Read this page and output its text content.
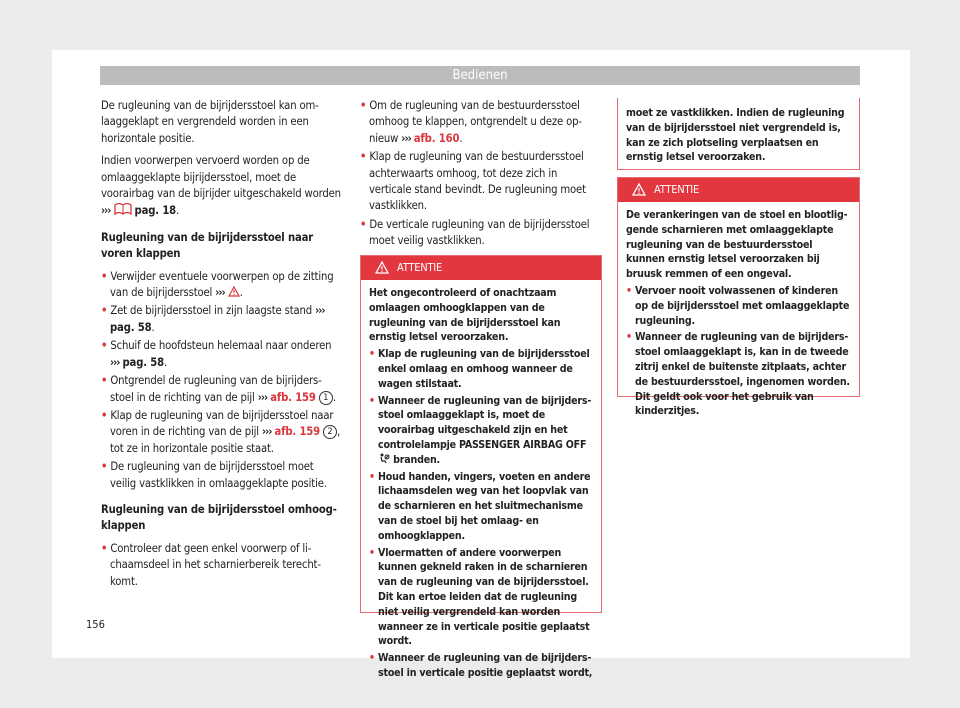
Bedienen

De rugleuning van de bijrijdersstoel kan omlaaggeklapt en vergrendeld worden in een horizontale positie.

Indien voorwerpen vervoerd worden op de omlaaggeklapte bijrijdersstoel, moet de voorairbag van de bijrijder uitgeschakeld worden ››› pag. 18.

Rugleuning van de bijrijdersstoel naar voren klappen

• Verwijder eventuele voorwerpen op de zitting van de bijrijdersstoel ››› .

• Zet de bijrijdersstoel in zijn laagste stand ››› pag. 58.

• Schuif de hoofdsteun helemaal naar onderen ››› pag. 58.

• Ontgrendel de rugleuning van de bijrijdersstoel in de richting van de pijl ››› afb. 159 1 .

• Klap de rugleuning van de bijrijdersstoel naar voren in de richting van de pijl ››› afb. 159 2 , tot ze in horizontale positie staat.

• De rugleuning van de bijrijdersstoel moet veilig vastklikken in omlaaggeklapte positie.

Rugleuning van de bijrijdersstoel omhoogklappen

• Controleer dat geen enkel voorwerp of lichaamsdeel in het scharnierbereik terechtkomt.

• Om de rugleuning van de bestuurdersstoel omhoog te klappen, ontgrendelt u deze opnieuw ››› afb. 160.

• Klap de rugleuning van de bestuurdersstoel achterwaarts omhoog, tot deze zich in verticale stand bevindt. De rugleuning moet vastklikken.

• De verticale rugleuning van de bijrijdersstoel moet veilig vastklikken.

ATTENTIE

Het ongecontroleerd of onachtzaam omlaagen omhoogklappen van de rugleuning van de bijrijdersstoel kan ernstig letsel veroorzaken.

• Klap de rugleuning van de bijrijdersstoel enkel omlaag en omhoog wanneer de wagen stilstaat.

• Wanneer de rugleuning van de bijrijdersstoel omlaaggeklapt is, moet de voorairbag uitgeschakeld zijn en het controlelampje PASSENGER AIRBAG OFF  branden.

• Houd handen, vingers, voeten en andere lichaamsdelen weg van het loopvlak van de scharnieren en het sluitmechanisme van de stoel bij het omlaag- en omhoogklappen.

• Vloermatten of andere voorwerpen kunnen gekneld raken in de scharnieren van de rugleuning van de bijrijdersstoel. Dit kan ertoe leiden dat de rugleuning niet veilig vergrendeld kan worden wanneer ze in verticale positie geplaatst wordt.

• Wanneer de rugleuning van de bijrijdersstoel in verticale positie geplaatst wordt,

moet ze vastklikken. Indien de rugleuning van de bijrijdersstoel niet vergrendeld is, kan ze zich plotseling verplaatsen en ernstig letsel veroorzaken.

ATTENTIE

De verankeringen van de stoel en blootliggende scharnieren met omlaaggeklapte rugleuning van de bestuurdersstoel kunnen ernstig letsel veroorzaken bij bruusk remmen of een ongeval.

• Vervoer nooit volwassenen of kinderen op de bijrijdersstoel met omlaaggeklapte rugleuning.

• Wanneer de rugleuning van de bijrijdersstoel omlaaggeklapt is, kan in de tweede zitrij enkel de buitenste zitplaats, achter de bestuurdersstoel, ingenomen worden. Dit geldt ook voor het gebruik van kinderzitjes.

156
